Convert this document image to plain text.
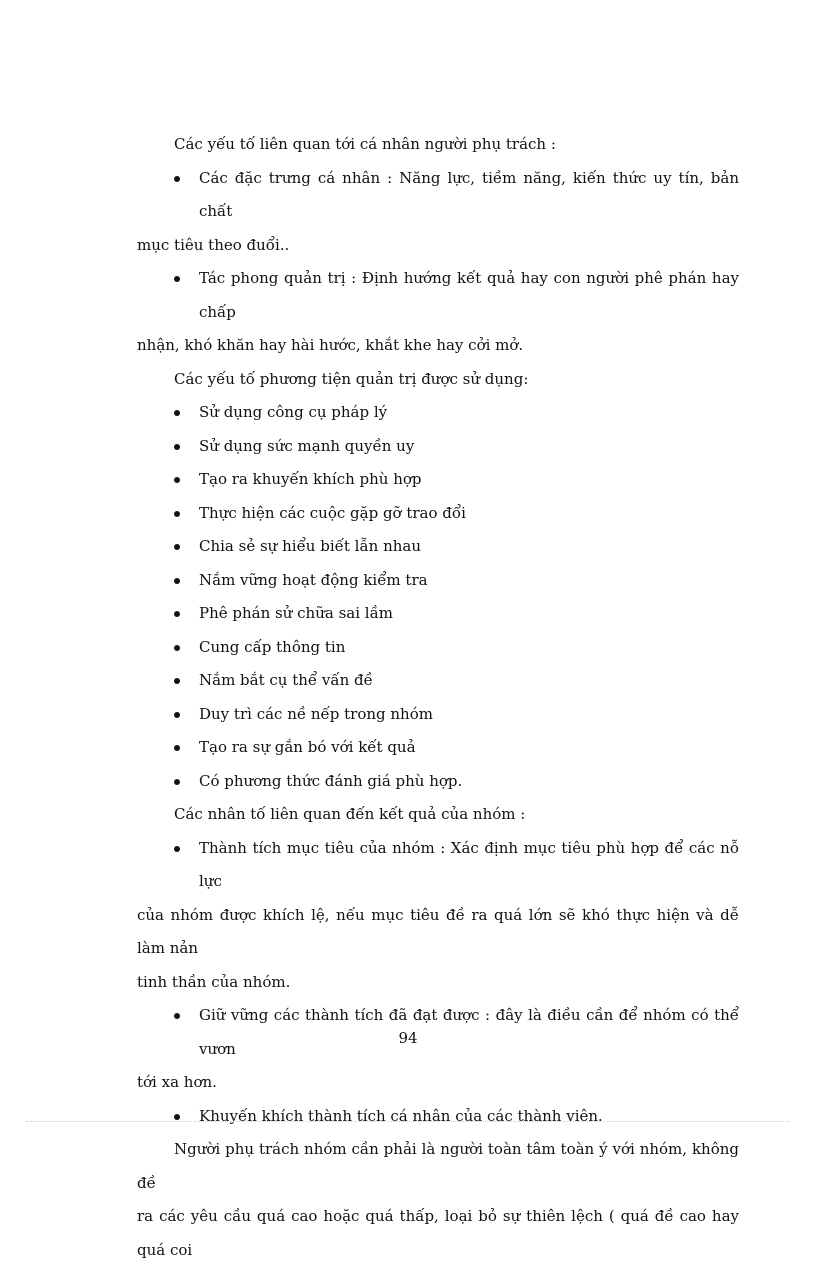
Các yếu tố liên quan tới cá nhân người phụ trách :

Các đặc trưng cá nhân : Năng lực, tiềm năng, kiến thức uy tín, bản chất

mục tiêu theo đuổi..

Tác phong quản trị : Định hướng kết quả hay con người phê phán hay chấp

nhận, khó khăn hay hài hước, khắt khe hay cởi mở.

Các yếu tố phương tiện quản trị được sử dụng:

Sử dụng công cụ pháp lý

Sử dụng sức mạnh quyền uy

Tạo ra khuyến khích phù hợp

Thực hiện các cuộc gặp gỡ trao đổi

Chia sẻ sự hiểu biết lẫn nhau

Nắm vững hoạt động kiểm tra

Phê phán sử chữa sai lầm

Cung cấp thông tin

Nắm bắt cụ thể vấn đề

Duy trì các nề nếp trong nhóm

Tạo ra sự gắn bó với kết quả

Có phương thức đánh giá phù hợp.

Các nhân tố liên quan đến kết quả của nhóm :

Thành tích mục tiêu của nhóm : Xác định mục tiêu phù hợp để các nỗ lực

của nhóm được khích lệ, nếu mục tiêu đề ra quá lớn sẽ khó thực hiện và dễ làm nản

tinh thần của nhóm.

Giữ vững các thành tích đã đạt được : đây là điều cần để nhóm có thể vươn

tới xa hơn.

Khuyến khích thành tích cá nhân của các thành viên.

Người phụ trách nhóm cần phải là người toàn tâm toàn ý với nhóm, không đề

ra các yêu cầu quá cao hoặc quá thấp, loại bỏ sự thiên lệch ( quá đề cao hay quá coi

94
